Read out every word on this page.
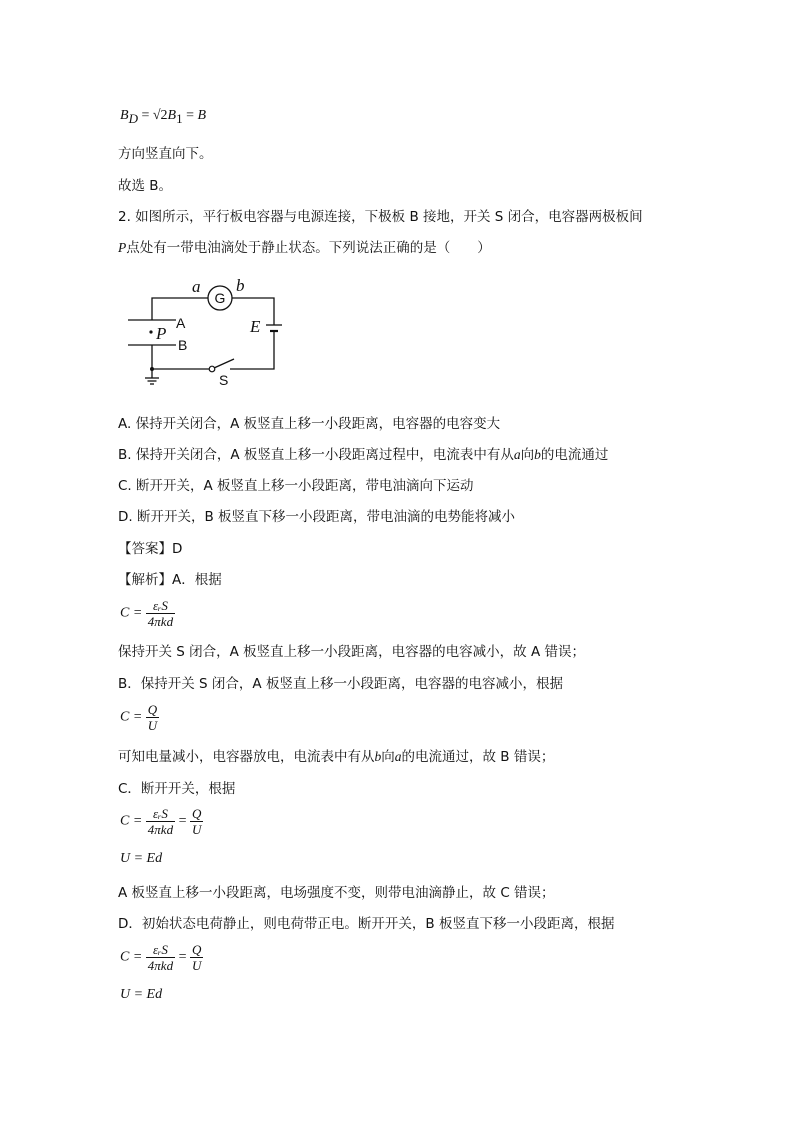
$B_D = √2B_1 = B$
方向竖直向下。
故选 B。
2. 如图所示，平行板电容器与电源连接，下极板 B 接地，开关 S 闭合，电容器两极板间
P点处有一带电油滴处于静止状态。下列说法正确的是（　　）
G
a b
A
P
B
E
S
A. 保持开关闭合，A 板竖直上移一小段距离，电容器的电容变大
B. 保持开关闭合，A 板竖直上移一小段距离过程中，电流表中有从a向b的电流通过
C. 断开开关，A 板竖直上移一小段距离，带电油滴向下运动
D. 断开开关，B 板竖直下移一小段距离，带电油滴的电势能将减小
【答案】D
【解析】A．根据
$C = \frac{\text{εᵣS}}{\text{4πkd}}$
保持开关 S 闭合，A 板竖直上移一小段距离，电容器的电容减小，故 A 错误；
B．保持开关 S 闭合，A 板竖直上移一小段距离，电容器的电容减小，根据
$C = \frac{Q}{U}$
可知电量减小，电容器放电，电流表中有从b向a的电流通过，故 B 错误；
C．断开开关，根据
$C = \frac{\text{εᵣS}}{\text{4πkd}} = \frac{Q}{U}$
U = Ed
A 板竖直上移一小段距离，电场强度不变，则带电油滴静止，故 C 错误；
D．初始状态电荷静止，则电荷带正电。断开开关，B 板竖直下移一小段距离，根据
$C = \frac{\text{εᵣS}}{\text{4πkd}} = \frac{Q}{U}$
U = Ed
